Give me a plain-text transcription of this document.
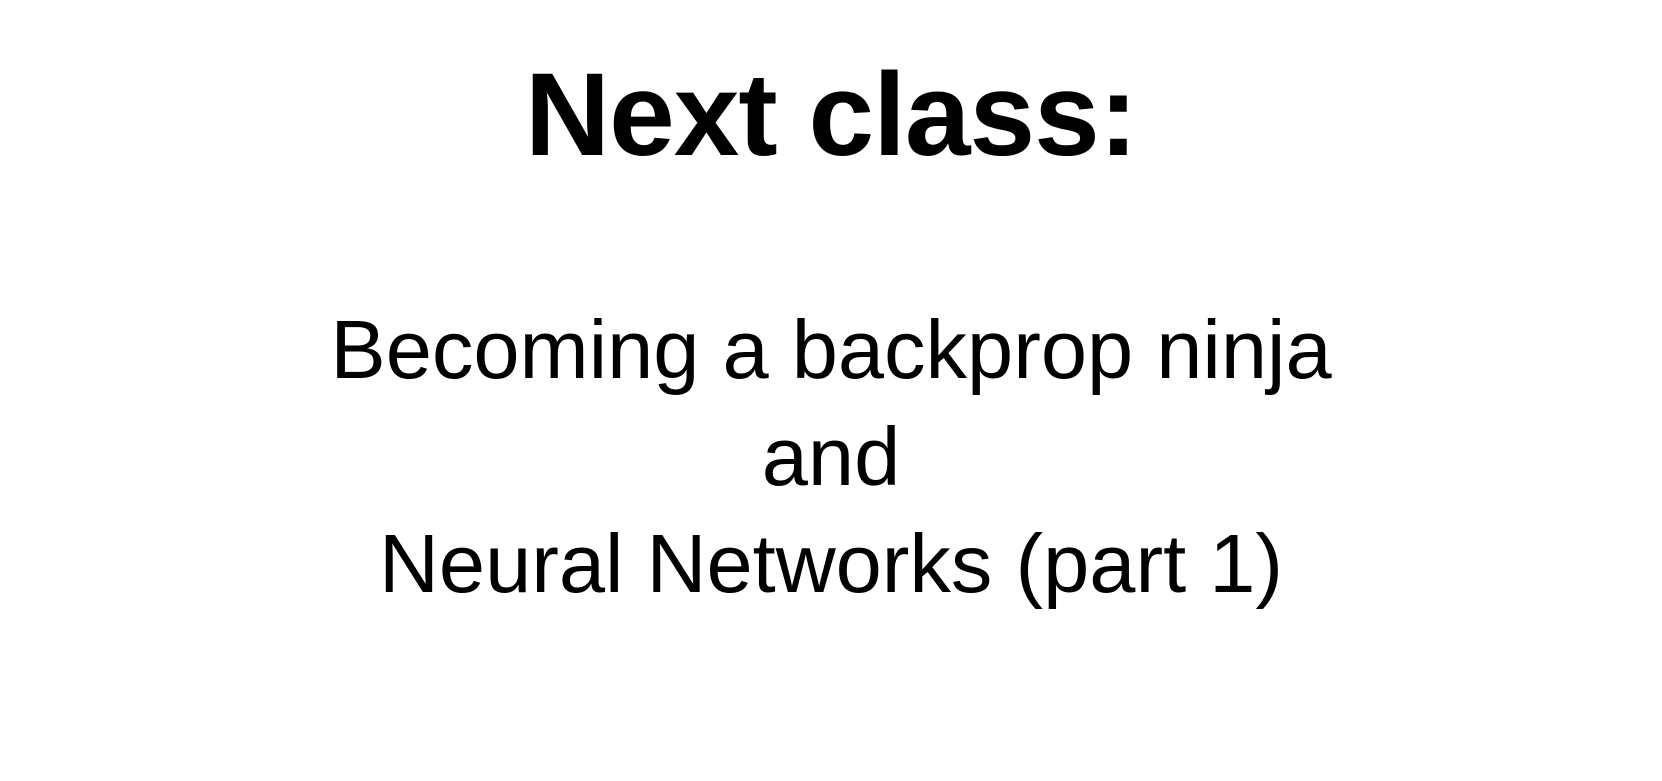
Next class:
Becoming a backprop ninja
and
Neural Networks (part 1)
